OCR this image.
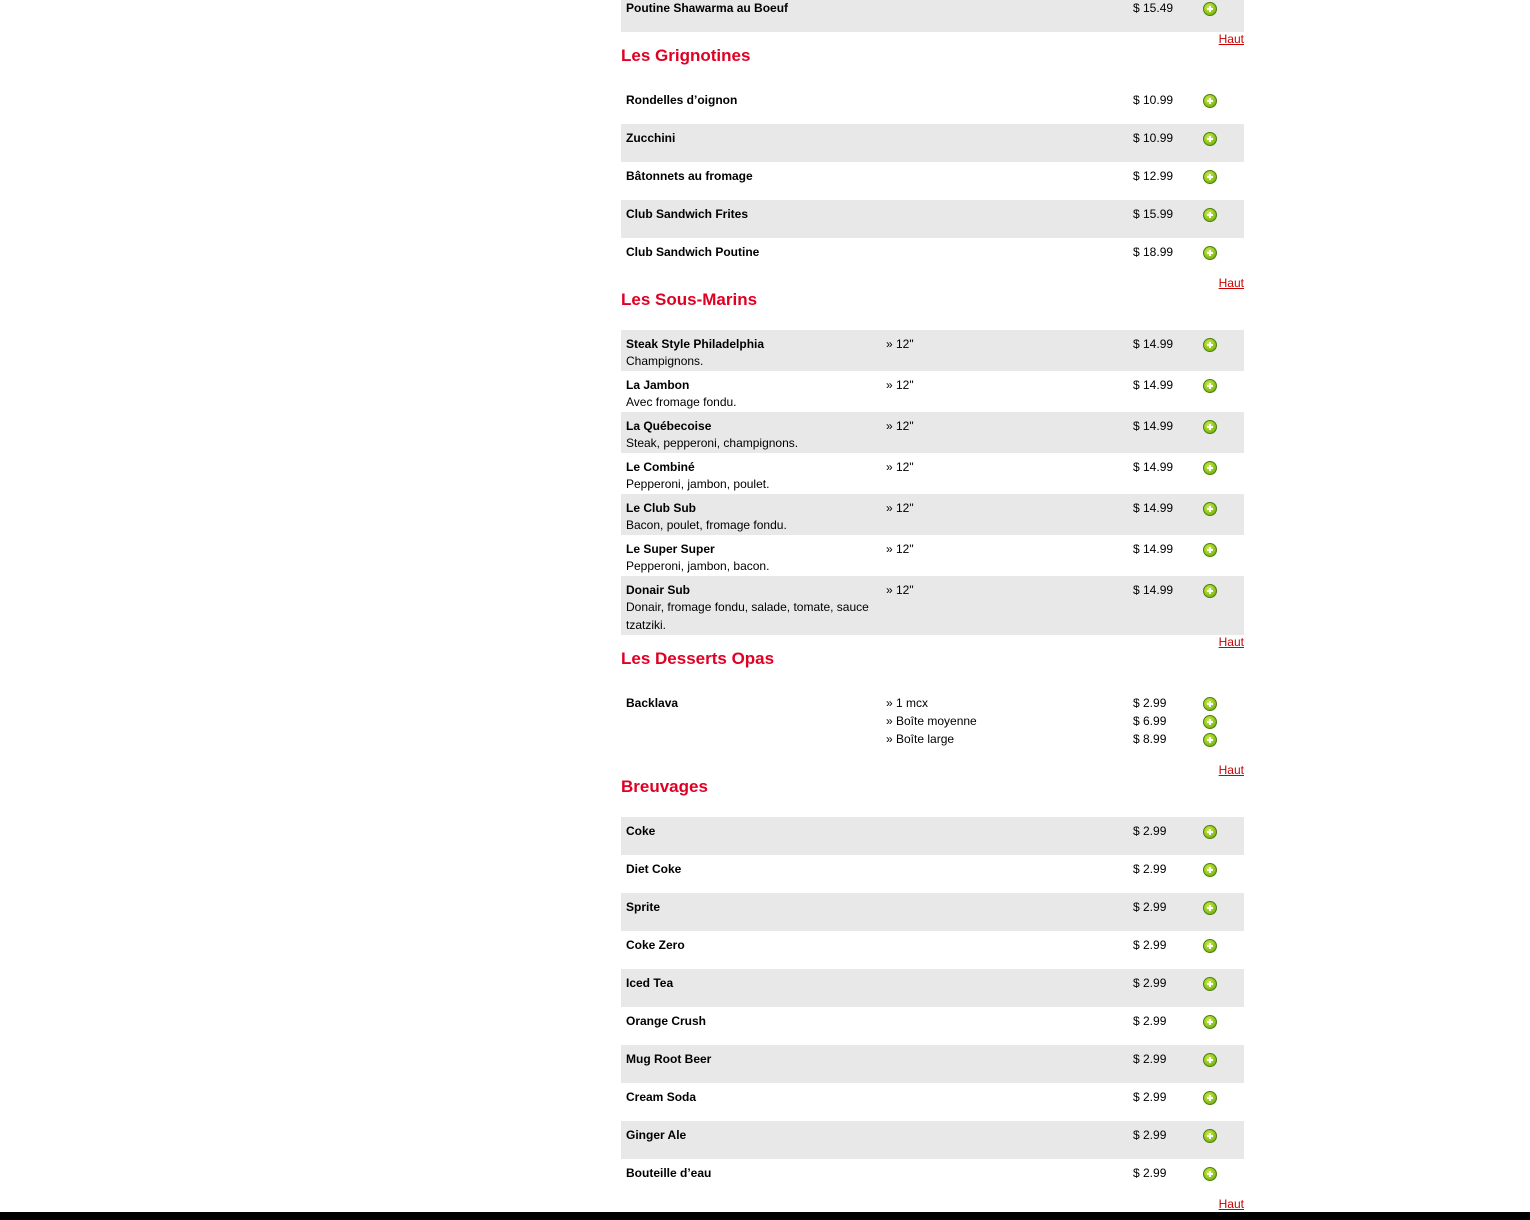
Poutine Shawarma au Boeuf	$ 15.49
Haut
Les Grignotines
Rondelles d’oignon	$ 10.99
Zucchini	$ 10.99
Bâtonnets au fromage	$ 12.99
Club Sandwich Frites	$ 15.99
Club Sandwich Poutine	$ 18.99
Haut
Les Sous-Marins
Steak Style Philadelphia
Champignons.
» 12"	$ 14.99
La Jambon
Avec fromage fondu.
» 12"	$ 14.99
La Québecoise
Steak, pepperoni, champignons.
» 12"	$ 14.99
Le Combiné
Pepperoni, jambon, poulet.
» 12"	$ 14.99
Le Club Sub
Bacon, poulet, fromage fondu.
» 12"	$ 14.99
Le Super Super
Pepperoni, jambon, bacon.
» 12"	$ 14.99
Donair Sub
Donair, fromage fondu, salade, tomate, sauce tzatziki.
» 12"	$ 14.99
Haut
Les Desserts Opas
Backlava	» 1 mcx	$ 2.99
» Boîte moyenne	$ 6.99
» Boîte large	$ 8.99
Haut
Breuvages
Coke	$ 2.99
Diet Coke	$ 2.99
Sprite	$ 2.99
Coke Zero	$ 2.99
Iced Tea	$ 2.99
Orange Crush	$ 2.99
Mug Root Beer	$ 2.99
Cream Soda	$ 2.99
Ginger Ale	$ 2.99
Bouteille d’eau	$ 2.99
Haut
